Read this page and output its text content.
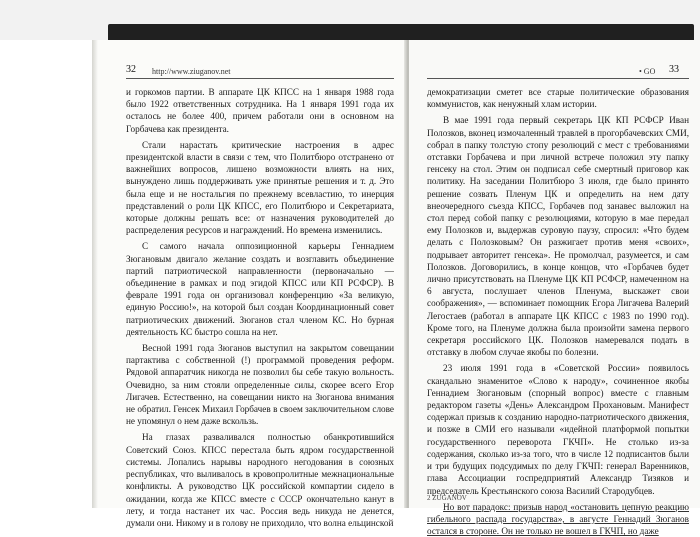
32 http://www.ziuganov.net

и горкомов партии. В аппарате ЦК КПСС на 1 января 1988 года было 1922 ответственных сотрудника. На 1 января 1991 года их осталось не более 400, причем работали они в основном на Горбачева как президента.

Стали нарастать критические настроения в адрес президентской власти в связи с тем, что Политбюро отстранено от важнейших вопросов, лишено возможности влиять на них, вынуждено лишь поддерживать уже принятые решения и т. д. Это была еще и не ностальгия по прежнему всевластию, то инерция представлений о роли ЦК КПСС, его Политбюро и Секретариата, которые должны решать все: от назначения руководителей до распределения ресурсов и награждений. Но времена изменились.

С самого начала оппозиционной карьеры Геннадием Зюгановым двигало желание создать и возглавить объединение партий патриотической направленности (первоначально — объединение в рамках и под эгидой КПСС или КП РСФСР). В феврале 1991 года он организовал конференцию «За великую, единую Россию!», на которой был создан Координационный совет патриотических движений. Зюганов стал членом КС. Но бурная деятельность КС быстро сошла на нет.

Весной 1991 года Зюганов выступил на закрытом совещании партактива с собственной (!) программой проведения реформ. Рядовой аппаратчик никогда не позволил бы себе такую вольность. Очевидно, за ним стояли определенные силы, скорее всего Егор Лигачев. Естественно, на совещании никто на Зюганова внимания не обратил. Генсек Михаил Горбачев в своем заключительном слове не упомянул о нем даже вскользь.

На глазах разваливался полностью обанкротившийся Советский Союз. КПСС перестала быть ядром государственной системы. Лопались нарывы народного негодования в союзных республиках, что выливалось в кровопролитные межнациональные конфликты. А руководство ЦК российской компартии сидело в ожидании, когда же КПСС вместе с СССР окончательно канут в лету, и тогда настанет их час. Россия ведь никуда не денется, думали они. Никому и в голову не приходило, что волна ельцинской

• GO 33

демократизации сметет все старые политические образования коммунистов, как ненужный хлам истории.

В мае 1991 года первый секретарь ЦК КП РСФСР Иван Полозков, вконец измочаленный травлей в прогорбачевских СМИ, собрал в папку толстую стопу резолюций с мест с требованиями отставки Горбачева и при личной встрече положил эту папку генсеку на стол. Этим он подписал себе смертный приговор как политику. На заседании Политбюро 3 июля, где было принято решение созвать Пленум ЦК и определить на нем дату внеочередного съезда КПСС, Горбачев под занавес выложил на стол перед собой папку с резолюциями, которую в мае передал ему Полозков и, выдержав суровую паузу, спросил: «Что будем делать с Полозковым? Он разжигает против меня «своих», подрывает авторитет генсека». Не промолчал, разумеется, и сам Полозков. Договорились, в конце концов, что «Горбачев будет лично присутствовать на Пленуме ЦК КП РСФСР, намеченном на 6 августа, послушает членов Пленума, выскажет свои соображения», — вспоминает помощник Егора Лигачева Валерий Легостаев (работал в аппарате ЦК КПСС с 1983 по 1990 год). Кроме того, на Пленуме должна была произойти замена первого секретаря российского ЦК. Полозков намеревался подать в отставку в любом случае якобы по болезни.

23 июля 1991 года в «Советской России» появилось скандально знаменитое «Слово к народу», сочиненное якобы Геннадием Зюгановым (спорный вопрос) вместе с главным редактором газеты «День» Александром Прохановым. Манифест содержал призыв к созданию народно-патриотического движения, и позже в СМИ его называли «идейной платформой попытки государственного переворота ГКЧП». Не столько из-за содержания, сколько из-за того, что в числе 12 подписантов были и три будущих подсудимых по делу ГКЧП: генерал Варенников, глава Ассоциации госпредприятий Александр Тизяков и председатель Крестьянского союза Василий Стародубцев.

Но вот парадокс: призыв народ «остановить цепную реакцию гибельного распада государства», в августе Геннадий Зюганов остался в стороне. Он не только не вошел в ГКЧП, но даже

2 ZUGANOV
